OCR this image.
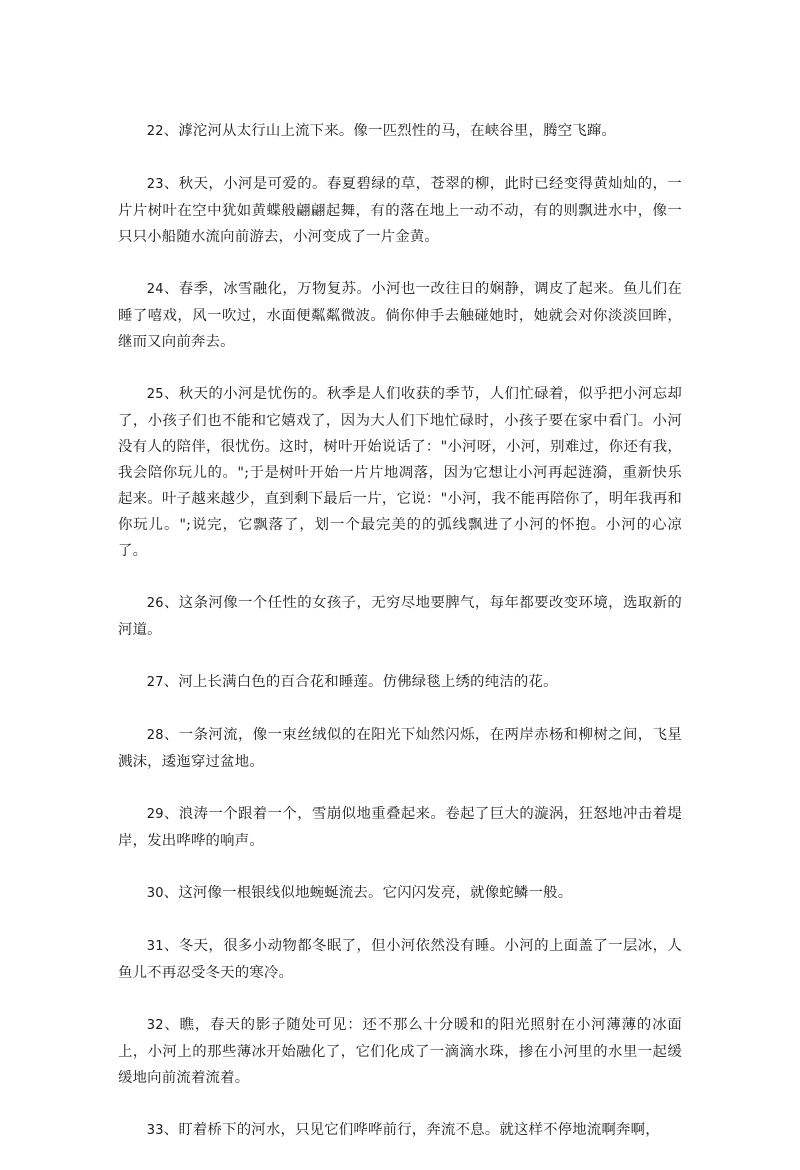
22、滹沱河从太行山上流下来。像一匹烈性的马，在峡谷里，腾空飞蹿。

23、秋天，小河是可爱的。春夏碧绿的草，苍翠的柳，此时已经变得黄灿灿的，一片片树叶在空中犹如黄蝶般翩翩起舞，有的落在地上一动不动，有的则飘进水中，像一只只小船随水流向前游去，小河变成了一片金黄。

24、春季，冰雪融化，万物复苏。小河也一改往日的娴静，调皮了起来。鱼儿们在睡了嘻戏，风一吹过，水面便粼粼微波。倘你伸手去触碰她时，她就会对你淡淡回眸，继而又向前奔去。

25、秋天的小河是忧伤的。秋季是人们收获的季节，人们忙碌着，似乎把小河忘却了，小孩子们也不能和它嬉戏了，因为大人们下地忙碌时，小孩子要在家中看门。小河没有人的陪伴，很忧伤。这时，树叶开始说话了："小河呀，小河，别难过，你还有我，我会陪你玩儿的。";于是树叶开始一片片地凋落，因为它想让小河再起涟漪，重新快乐起来。叶子越来越少，直到剩下最后一片，它说："小河，我不能再陪你了，明年我再和你玩儿。";说完，它飘落了，划一个最完美的的弧线飘进了小河的怀抱。小河的心凉了。

26、这条河像一个任性的女孩子，无穷尽地要脾气，每年都要改变环境，选取新的河道。

27、河上长满白色的百合花和睡莲。仿佛绿毯上绣的纯洁的花。

28、一条河流，像一束丝绒似的在阳光下灿然闪烁，在两岸赤杨和柳树之间，飞星溅沫，逶迤穿过盆地。

29、浪涛一个跟着一个，雪崩似地重叠起来。卷起了巨大的漩涡，狂怒地冲击着堤岸，发出哗哗的响声。

30、这河像一根银线似地蜿蜒流去。它闪闪发亮，就像蛇鳞一般。

31、冬天，很多小动物都冬眠了，但小河依然没有睡。小河的上面盖了一层冰，人鱼儿不再忍受冬天的寒冷。

32、瞧，春天的影子随处可见：还不那么十分暖和的阳光照射在小河薄薄的冰面上，小河上的那些薄冰开始融化了，它们化成了一滴滴水珠，掺在小河里的水里一起缓缓地向前流着流着。

33、盯着桥下的河水，只见它们哗哗前行，奔流不息。就这样不停地流啊奔啊，
